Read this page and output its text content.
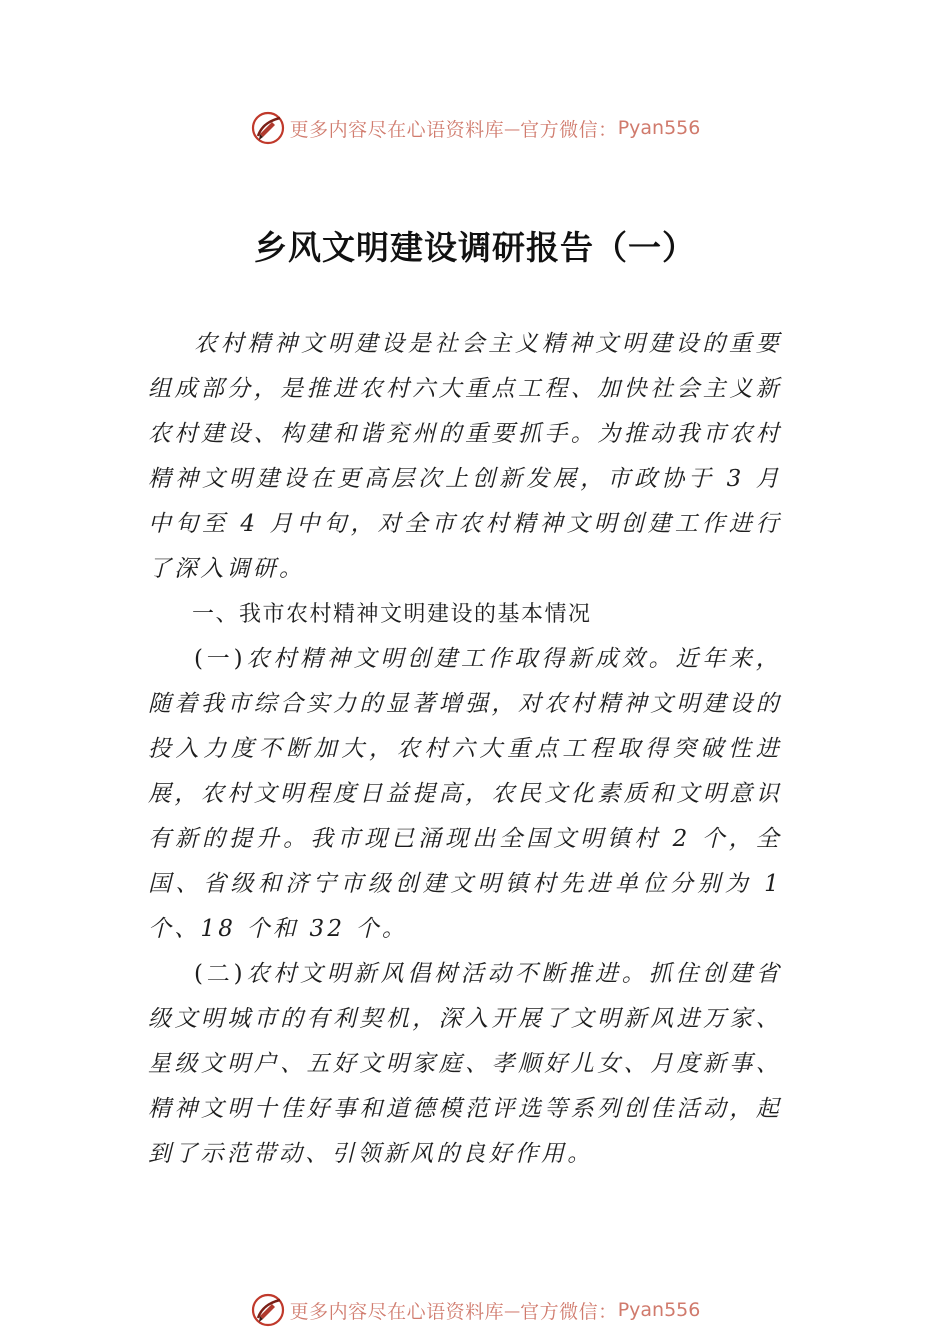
更多内容尽在心语资料库 — 官方微信： Pyan556
乡风文明建设调研报告（一）

农村精神文明建设是社会主义精神文明建设的重要组成部分，是推进农村六大重点工程、加快社会主义新农村建设、构建和谐兖州的重要抓手。为推动我市农村精神文明建设在更高层次上创新发展，市政协于 3 月中旬至 4 月中旬，对全市农村精神文明创建工作进行了深入调研。

一、我市农村精神文明建设的基本情况

(一)农村精神文明创建工作取得新成效。近年来，随着我市综合实力的显著增强，对农村精神文明建设的投入力度不断加大，农村六大重点工程取得突破性进展，农村文明程度日益提高，农民文化素质和文明意识有新的提升。我市现已涌现出全国文明镇村 2 个，全国、省级和济宁市级创建文明镇村先进单位分别为 1 个、18 个和 32 个。

(二)农村文明新风倡树活动不断推进。抓住创建省级文明城市的有利契机，深入开展了文明新风进万家、星级文明户、五好文明家庭、孝顺好儿女、月度新事、精神文明十佳好事和道德模范评选等系列创佳活动，起到了示范带动、引领新风的良好作用。

更多内容尽在心语资料库 — 官方微信： Pyan556
